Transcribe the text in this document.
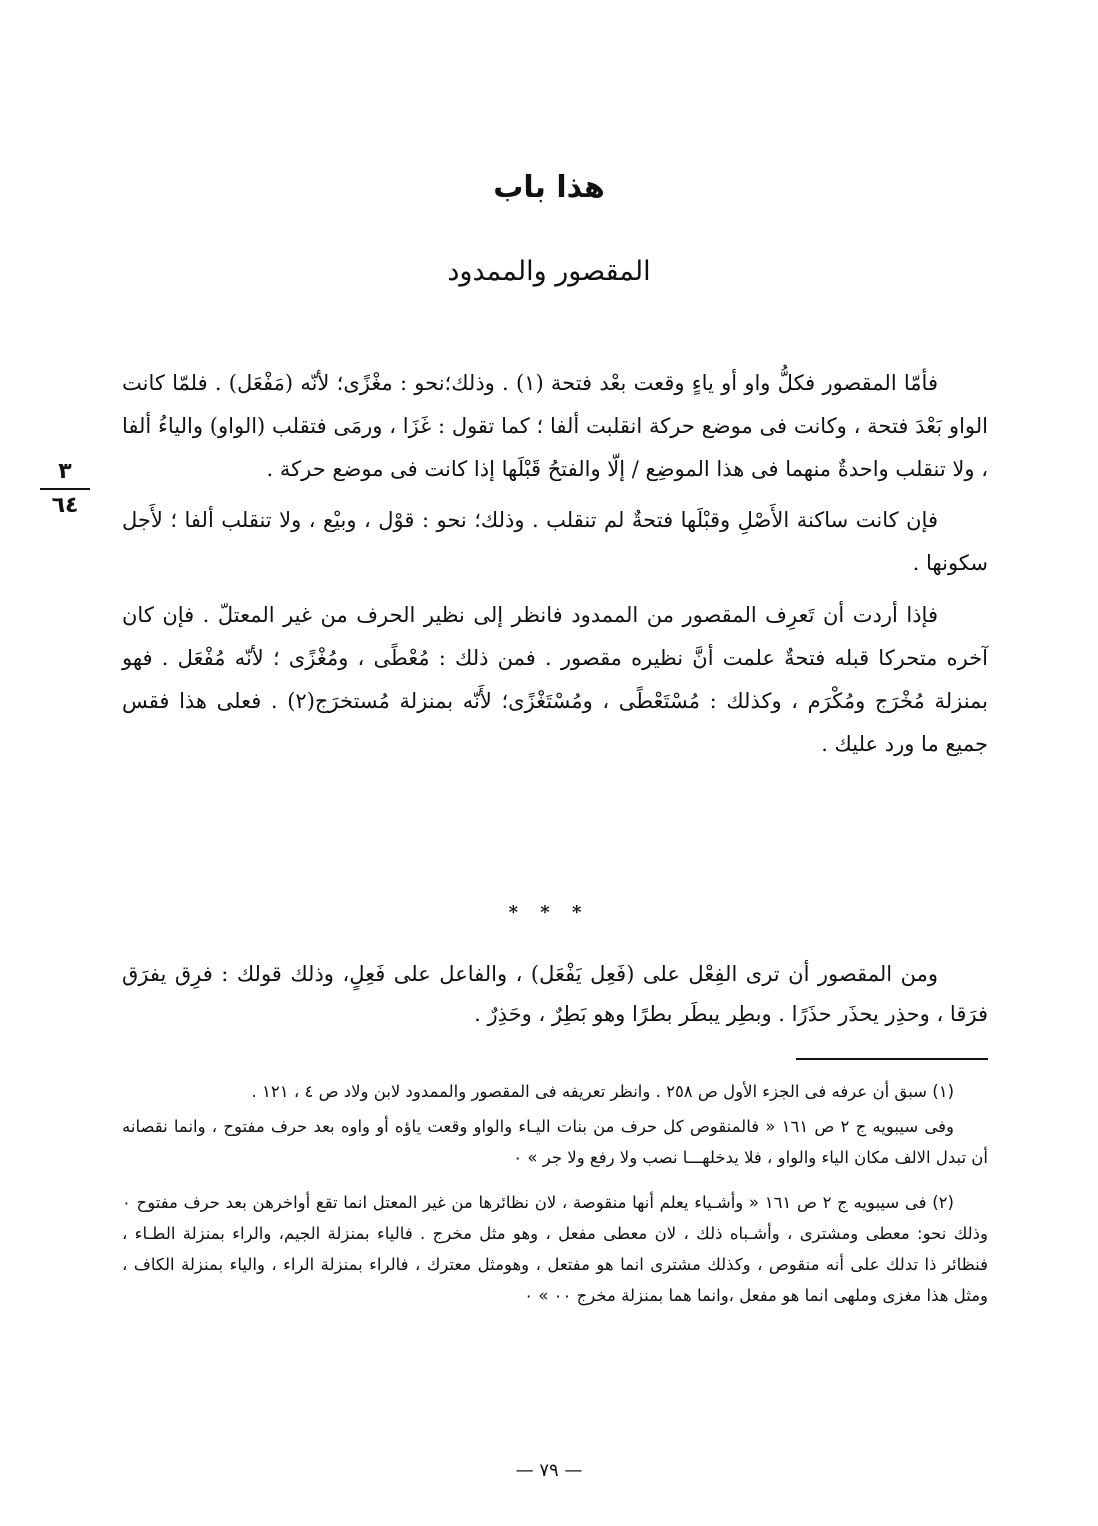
هذا باب
المقصور والممدود
٣
٦٤

فأمّا المقصور فكلُّ واو أو ياءٍ وقعت بعْد فتحة (١) . وذلك؛نحو : مغْزًى؛ لأنّه (مَفْعَل) . فلمّا كانت الواو بَعْدَ فتحة ، وكانت فى موضع حركة انقلبت ألفا ؛ كما تقول : غَزَا ، ورمَى فتقلب (الواو) والياءُ ألفا ، ولا تنقلب واحدةٌ منهما فى هذا الموضِع / إلّا والفتحُ قَبْلَها إذا كانت فى موضع حركة .

فإن كانت ساكنة الأَصْلِ وقبْلَها فتحةٌ لم تنقلب . وذلك؛ نحو : قوْل ، وبيْع ، ولا تنقلب ألفا ؛ لأَجل سكونها .

فإذا أردت أن تَعرِف المقصور من الممدود فانظر إلى نظير الحرف من غير المعتلّ . فإن كان آخره متحركا قبله فتحةٌ علمت أنَّ نظيره مقصور . فمن ذلك : مُعْطًى ، ومُغْزًى ؛ لأنّه مُفْعَل . فهو بمنزلة مُخْرَج ومُكْرَم ، وكذلك : مُسْتَعْطًى ، ومُسْتَغْزًى؛ لأَنّه بمنزلة مُستخرَج(٢) . فعلى هذا فقس جميع ما ورد عليك .

* * *

ومن المقصور أن ترى الفِعْل على (فَعِل يَفْعَل) ، والفاعل على فَعِلٍ، وذلك قولك : فرِق يفرَق فرَقا ، وحذِر يحذَر حذَرًا . وبطِر يبطَر بطرًا وهو بَطِرٌ ، وحَذِرٌ .

(١) سبق أن عرفه فى الجزء الأول ص ٢٥٨ . وانظر تعريفه فى المقصور والممدود لابن ولاد ص ٤ ، ١٢١ .

وفى سيبويه ج ٢ ص ١٦١ « فالمنقوص كل حرف من بنات اليـاء والواو وقعت ياؤه أو واوه بعد حرف مفتوح ، وانما نقصانه أن تبدل الالف مكان الياء والواو ، فلا يدخلهـــا نصب ولا رفع ولا جر » ٠

(٢) فى سيبويه ج ٢ ص ١٦١ « وأشـياء يعلم أنها منقوصة ، لان نظائرها من غير المعتل انما تقع أواخرهن بعد حرف مفتوح ٠ وذلك نحو: معطى ومشترى ، وأشـباه ذلك ، لان معطى مفعل ، وهو مثل مخرج . فالياء بمنزلة الجيم، والراء بمنزلة الطـاء ، فنظائر ذا تدلك على أنه منقوص ، وكذلك مشترى انما هو مفتعل ، وهومثل معترك ، فالراء بمنزلة الراء ، والياء بمنزلة الكاف ، ومثل هذا مغزى وملهى انما هو مفعل ،وانما هما بمنزلة مخرج ٠٠ » ٠

— ٧٩ —
